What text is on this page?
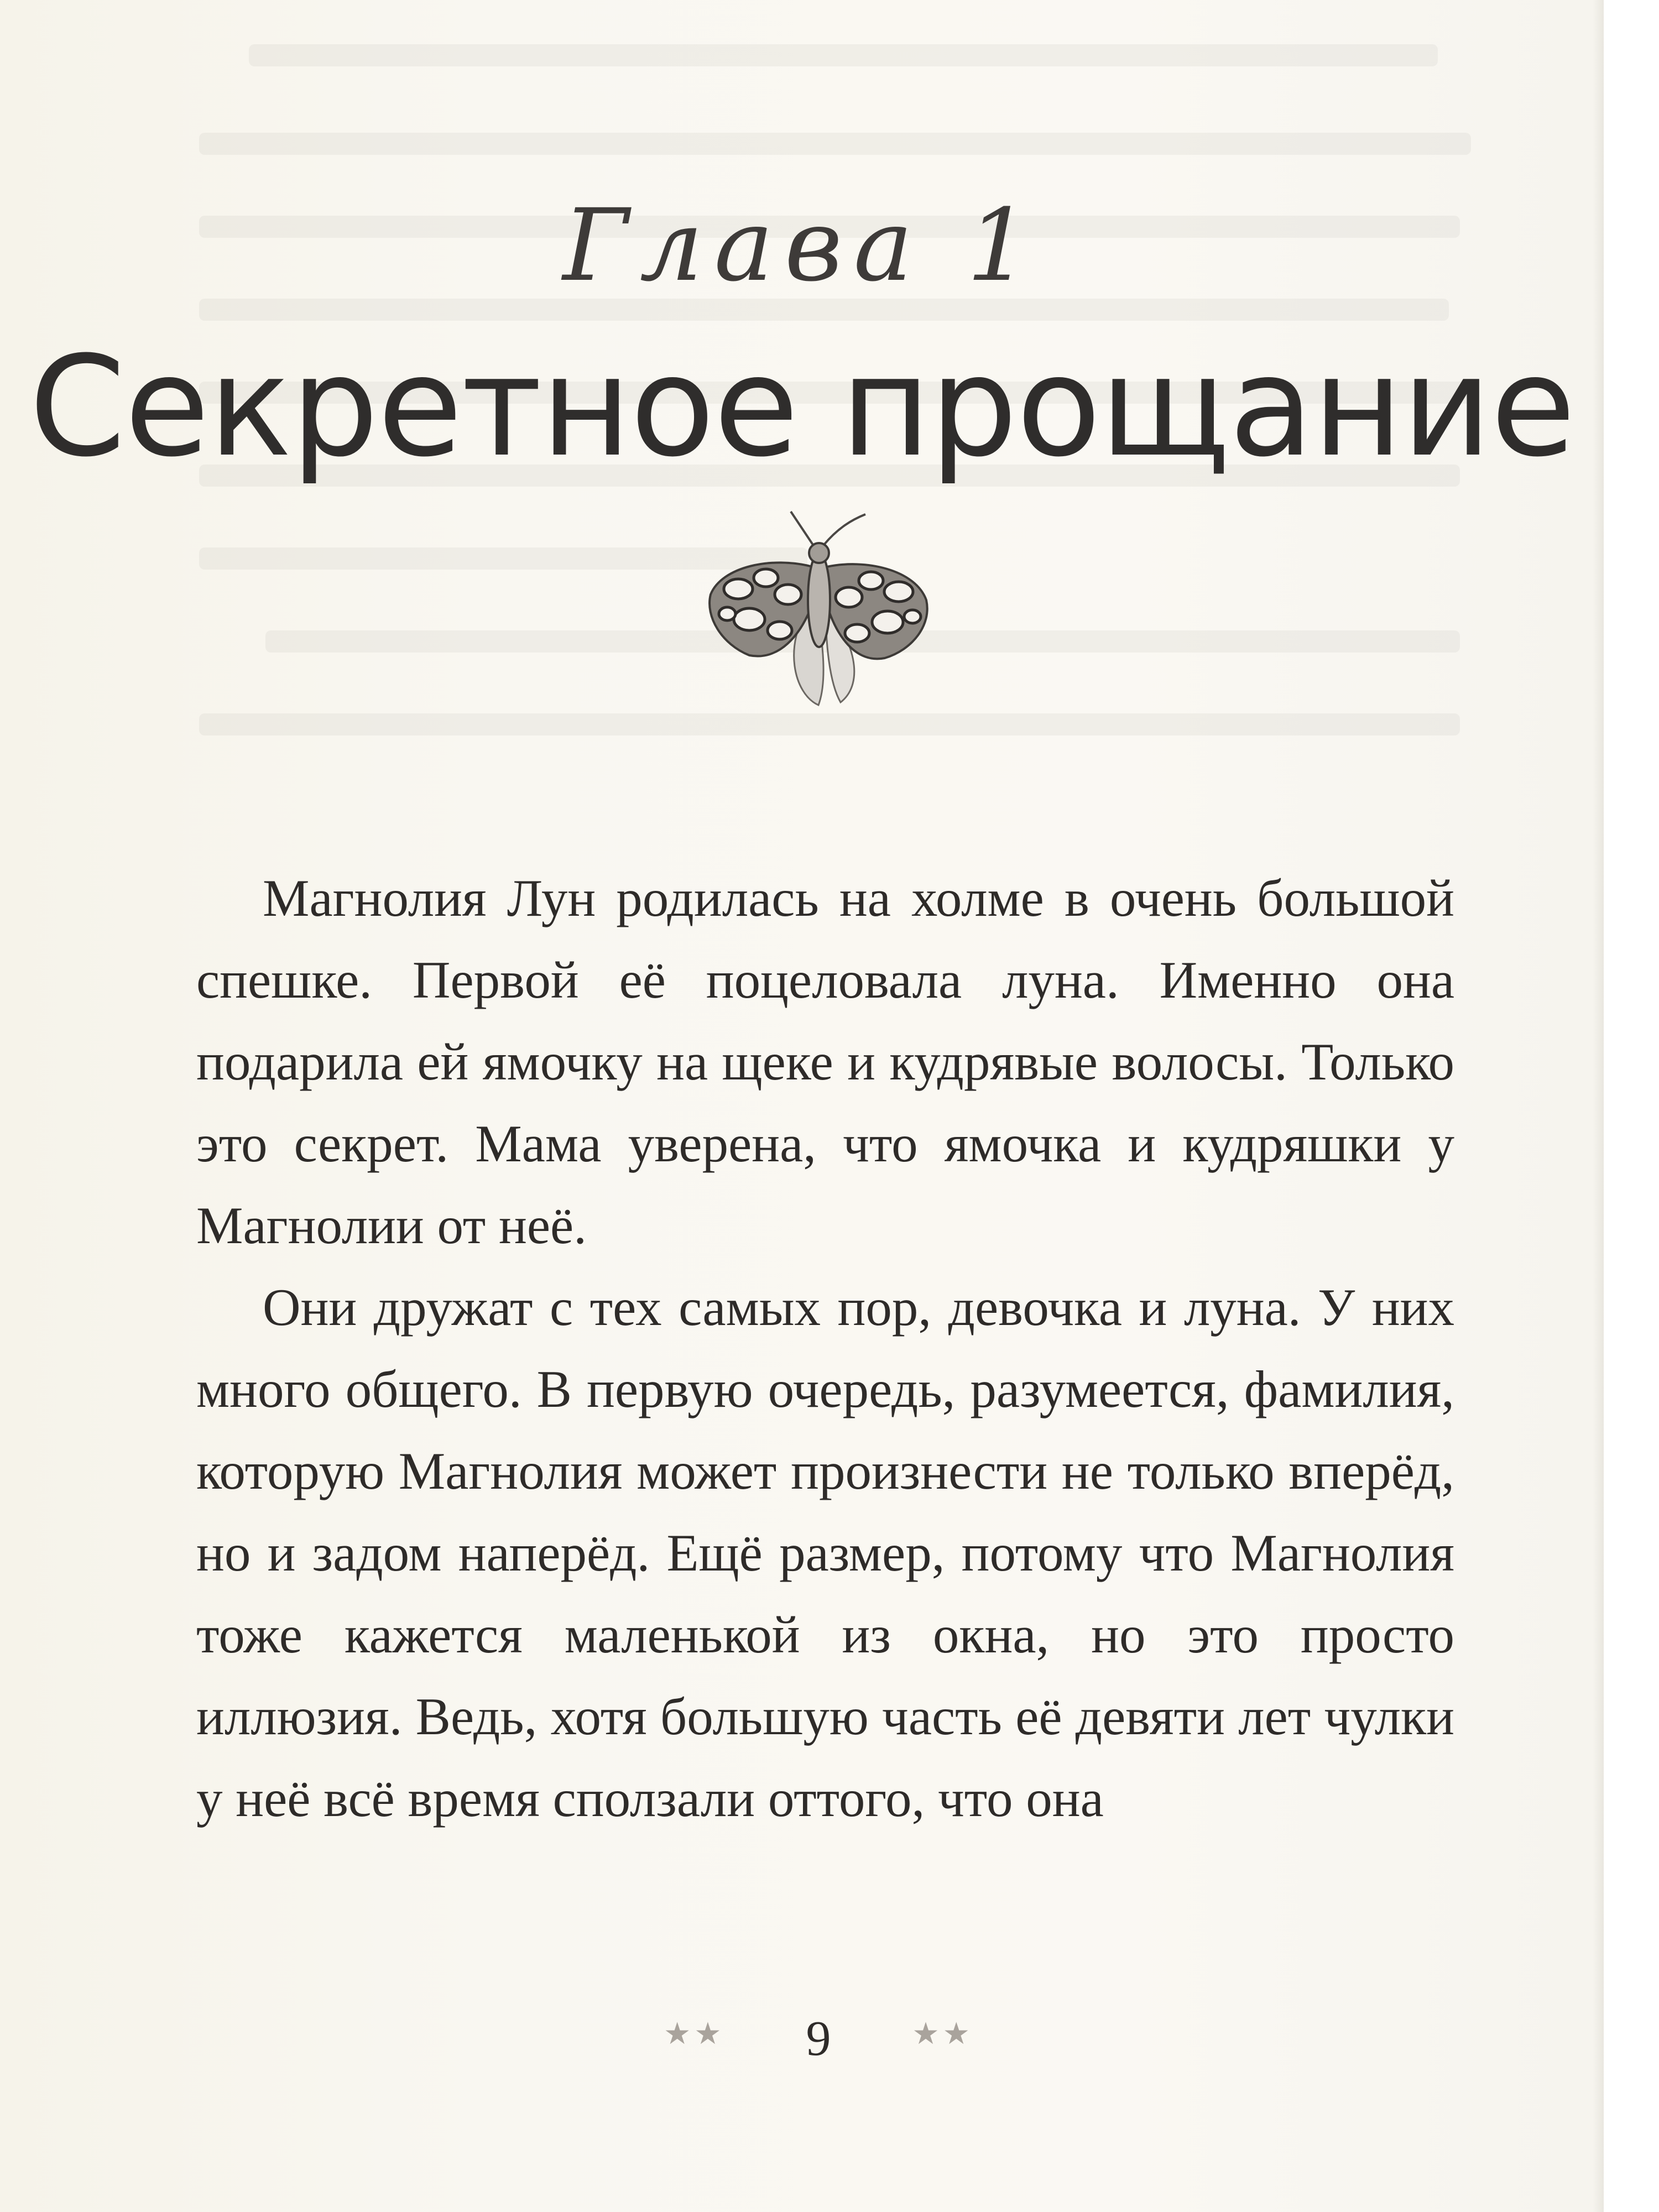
Глава 1
Секретное прощание

Магнолия Лун родилась на холме в очень большой спешке. Первой её поцеловала луна. Именно она подарила ей ямочку на щеке и кудрявые волосы. Только это секрет. Мама уверена, что ямочка и кудряшки у Магнолии от неё.

Они дружат с тех самых пор, девочка и луна. У них много общего. В первую очередь, разумеется, фамилия, которую Магнолия может произнести не только вперёд, но и задом наперёд. Ещё размер, потому что Магнолия тоже кажется маленькой из окна, но это просто иллюзия. Ведь, хотя большую часть её девяти лет чулки у неё всё время сползали оттого, что она

★★	9	★★
